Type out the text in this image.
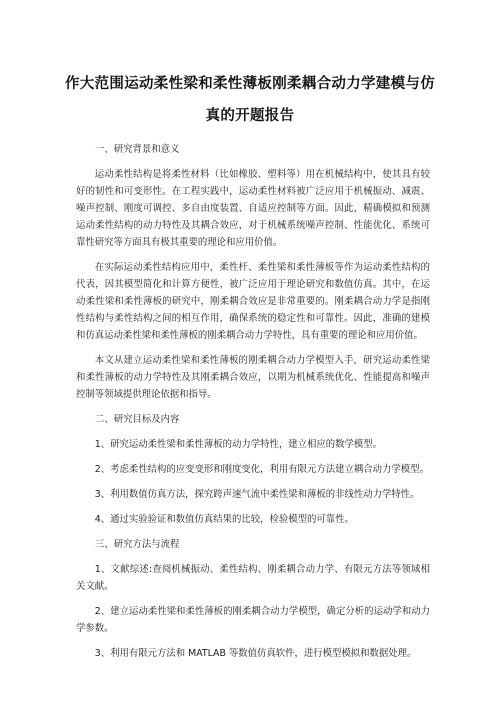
作大范围运动柔性梁和柔性薄板刚柔耦合动力学建模与仿
真的开题报告

一、研究背景和意义

运动柔性结构是将柔性材料（比如橡胶、塑料等）用在机械结构中，使其具有较好的韧性和可变形性。在工程实践中，运动柔性材料被广泛应用于机械振动、减震、噪声控制、刚度可调控、多自由度装置、自适应控制等方面。因此，精确模拟和预测运动柔性结构的动力特性及其耦合效应，对于机械系统噪声控制、性能优化、系统可靠性研究等方面具有极其重要的理论和应用价值。

在实际运动柔性结构应用中，柔性杆、柔性梁和柔性薄板等作为运动柔性结构的代表，因其模型简化和计算方便性，被广泛应用于理论研究和数值仿真。其中，在运动柔性梁和柔性薄板的研究中，刚柔耦合效应是非常重要的。刚柔耦合动力学是指刚性结构与柔性结构之间的相互作用，确保系统的稳定性和可靠性。因此，准确的建模和仿真运动柔性梁和柔性薄板的刚柔耦合动力学特性，具有重要的理论和应用价值。

本文从建立运动柔性梁和柔性薄板的刚柔耦合动力学模型入手，研究运动柔性梁和柔性薄板的动力学特性及其刚柔耦合效应，以期为机械系统优化、性能提高和噪声控制等领域提供理论依据和指导。

二、研究目标及内容

1、研究运动柔性梁和柔性薄板的动力学特性，建立相应的数学模型。

2、考虑柔性结构的应变变形和刚度变化，利用有限元方法建立耦合动力学模型。

3、利用数值仿真方法，探究跨声速气流中柔性梁和薄板的非线性动力学特性。

4、通过实验验证和数值仿真结果的比较，检验模型的可靠性。

三、研究方法与流程

1、文献综述:查阅机械振动、柔性结构、刚柔耦合动力学、有限元方法等领域相关文献。

2、建立运动柔性梁和柔性薄板的刚柔耦合动力学模型，确定分析的运动学和动力学参数。

3、利用有限元方法和 MATLAB 等数值仿真软件，进行模型模拟和数据处理。
